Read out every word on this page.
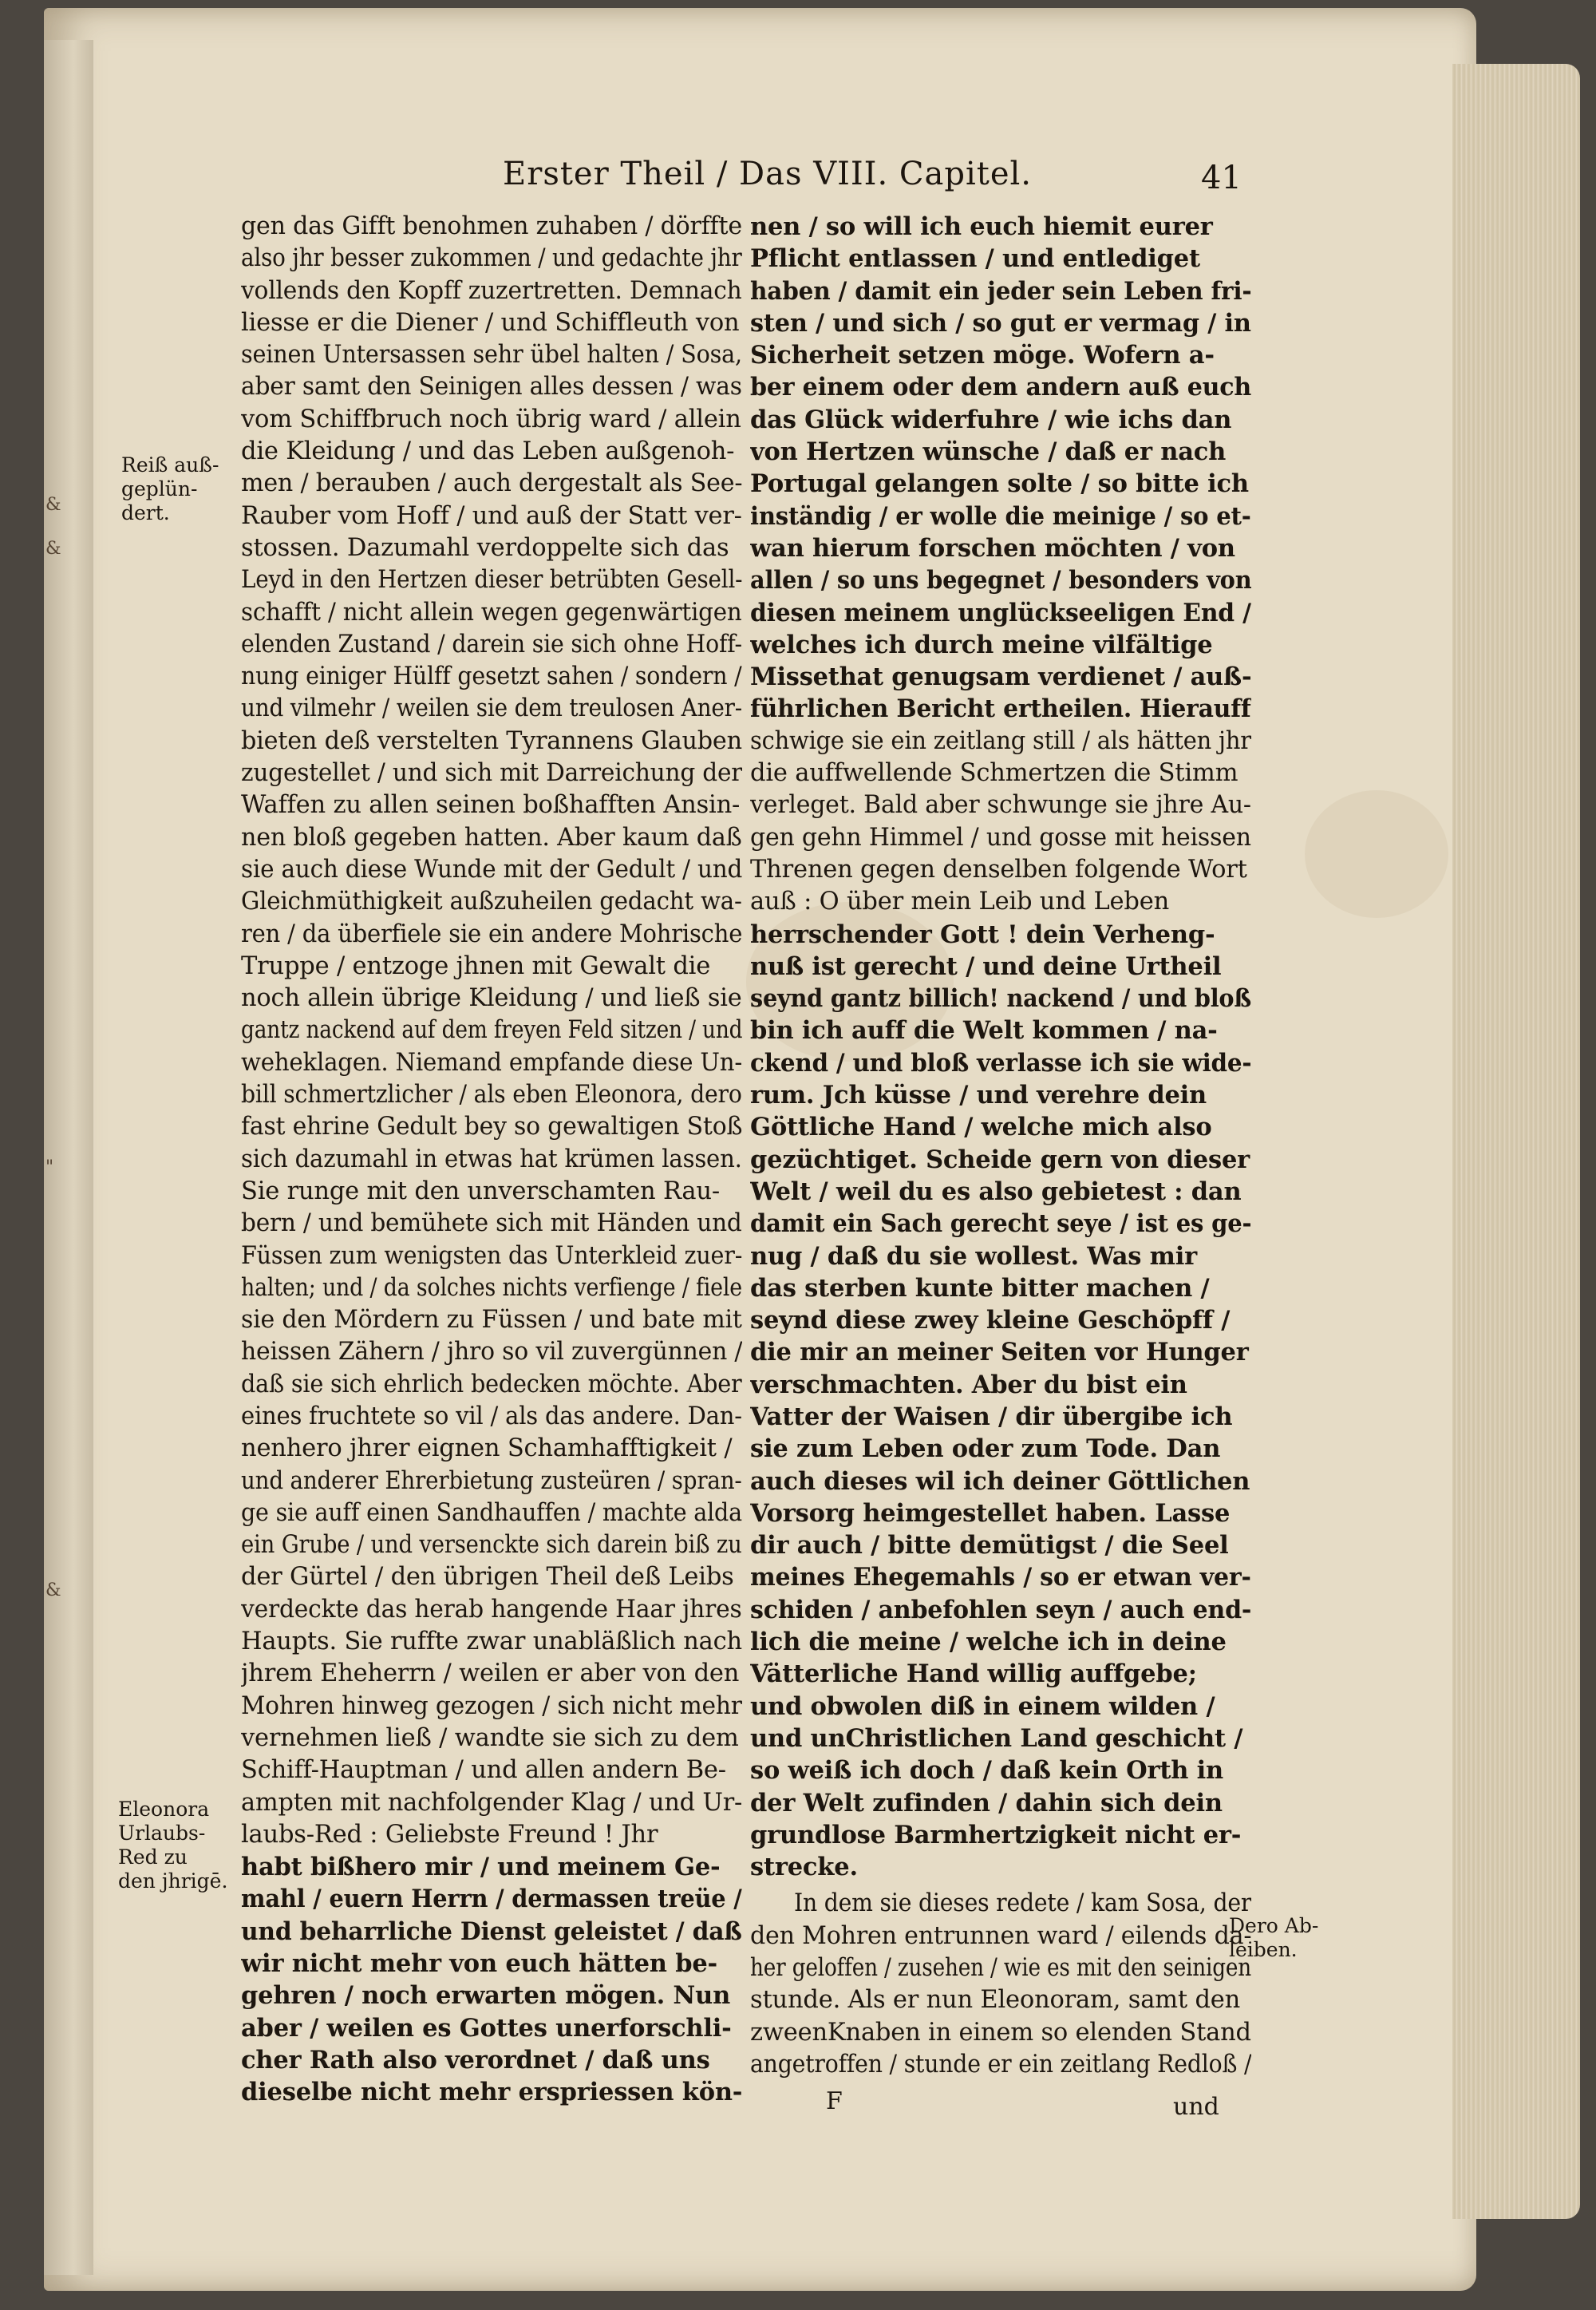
&
&
"
&
Erster Theil / Das VIII. Capitel.	41
Reiß auß-
geplün-
dert.
Eleonora
Urlaubs-
Red zu
den jhrigē.
Dero Ab-
leiben.
gen das Gifft benohmen zuhaben / dörffte
also jhr besser zukommen / und gedachte jhr
vollends den Kopff zuzertretten. Demnach
liesse er die Diener / und Schiffleuth von
seinen Untersassen sehr übel halten / Sosa,
aber samt den Seinigen alles dessen / was
vom Schiffbruch noch übrig ward / allein
die Kleidung / und das Leben außgenoh-
men / berauben / auch dergestalt als See-
Rauber vom Hoff / und auß der Statt ver-
stossen. Dazumahl verdoppelte sich das
Leyd in den Hertzen dieser betrübten Gesell-
schafft / nicht allein wegen gegenwärtigen
elenden Zustand / darein sie sich ohne Hoff-
nung einiger Hülff gesetzt sahen / sondern /
und vilmehr / weilen sie dem treulosen Aner-
bieten deß verstelten Tyrannens Glauben
zugestellet / und sich mit Darreichung der
Waffen zu allen seinen boßhafften Ansin-
nen bloß gegeben hatten. Aber kaum daß
sie auch diese Wunde mit der Gedult / und
Gleichmüthigkeit außzuheilen gedacht wa-
ren / da überfiele sie ein andere Mohrische
Truppe / entzoge jhnen mit Gewalt die
noch allein übrige Kleidung / und ließ sie
gantz nackend auf dem freyen Feld sitzen / und
weheklagen. Niemand empfande diese Un-
bill schmertzlicher / als eben Eleonora, dero
fast ehrine Gedult bey so gewaltigen Stoß
sich dazumahl in etwas hat krümen lassen.
Sie runge mit den unverschamten Rau-
bern / und bemühete sich mit Händen und
Füssen zum wenigsten das Unterkleid zuer-
halten; und / da solches nichts verfienge / fiele
sie den Mördern zu Füssen / und bate mit
heissen Zähern / jhro so vil zuvergünnen /
daß sie sich ehrlich bedecken möchte. Aber
eines fruchtete so vil / als das andere. Dan-
nenhero jhrer eignen Schamhafftigkeit /
und anderer Ehrerbietung zusteüren / spran-
ge sie auff einen Sandhauffen / machte alda
ein Grube / und versenckte sich darein biß zu
der Gürtel / den übrigen Theil deß Leibs
verdeckte das herab hangende Haar jhres
Haupts. Sie ruffte zwar unabläßlich nach
jhrem Eheherrn / weilen er aber von den
Mohren hinweg gezogen / sich nicht mehr
vernehmen ließ / wandte sie sich zu dem
Schiff-Hauptman / und allen andern Be-
ampten mit nachfolgender Klag / und Ur-
laubs-Red : Geliebste Freund ! Jhr
habt bißhero mir / und meinem Ge-
mahl / euern Herrn / dermassen treüe /
und beharrliche Dienst geleistet / daß
wir nicht mehr von euch hätten be-
gehren / noch erwarten mögen. Nun
aber / weilen es Gottes unerforschli-
cher Rath also verordnet / daß uns
dieselbe nicht mehr erspriessen kön-
nen / so will ich euch hiemit eurer
Pflicht entlassen / und entlediget
haben / damit ein jeder sein Leben fri-
sten / und sich / so gut er vermag / in
Sicherheit setzen möge. Wofern a-
ber einem oder dem andern auß euch
das Glück widerfuhre / wie ichs dan
von Hertzen wünsche / daß er nach
Portugal gelangen solte / so bitte ich
inständig / er wolle die meinige / so et-
wan hierum forschen möchten / von
allen / so uns begegnet / besonders von
diesen meinem unglückseeligen End /
welches ich durch meine vilfältige
Missethat genugsam verdienet / auß-
führlichen Bericht ertheilen. Hierauff
schwige sie ein zeitlang still / als hätten jhr
die auffwellende Schmertzen die Stimm
verleget. Bald aber schwunge sie jhre Au-
gen gehn Himmel / und gosse mit heissen
Threnen gegen denselben folgende Wort
auß : O über mein Leib und Leben
herrschender Gott ! dein Verheng-
nuß ist gerecht / und deine Urtheil
seynd gantz billich! nackend / und bloß
bin ich auff die Welt kommen / na-
ckend / und bloß verlasse ich sie wide-
rum. Jch küsse / und verehre dein
Göttliche Hand / welche mich also
gezüchtiget. Scheide gern von dieser
Welt / weil du es also gebietest : dan
damit ein Sach gerecht seye / ist es ge-
nug / daß du sie wollest. Was mir
das sterben kunte bitter machen /
seynd diese zwey kleine Geschöpff /
die mir an meiner Seiten vor Hunger
verschmachten. Aber du bist ein
Vatter der Waisen / dir übergibe ich
sie zum Leben oder zum Tode. Dan
auch dieses wil ich deiner Göttlichen
Vorsorg heimgestellet haben. Lasse
dir auch / bitte demütigst / die Seel
meines Ehegemahls / so er etwan ver-
schiden / anbefohlen seyn / auch end-
lich die meine / welche ich in deine
Vätterliche Hand willig auffgebe;
und obwolen diß in einem wilden /
und unChristlichen Land geschicht /
so weiß ich doch / daß kein Orth in
der Welt zufinden / dahin sich dein
grundlose Barmhertzigkeit nicht er-
strecke.
In dem sie dieses redete / kam Sosa, der
den Mohren entrunnen ward / eilends da-
her geloffen / zusehen / wie es mit den seinigen
stunde. Als er nun Eleonoram, samt den
zweenKnaben in einem so elenden Stand
angetroffen / stunde er ein zeitlang Redloß /
F	und
